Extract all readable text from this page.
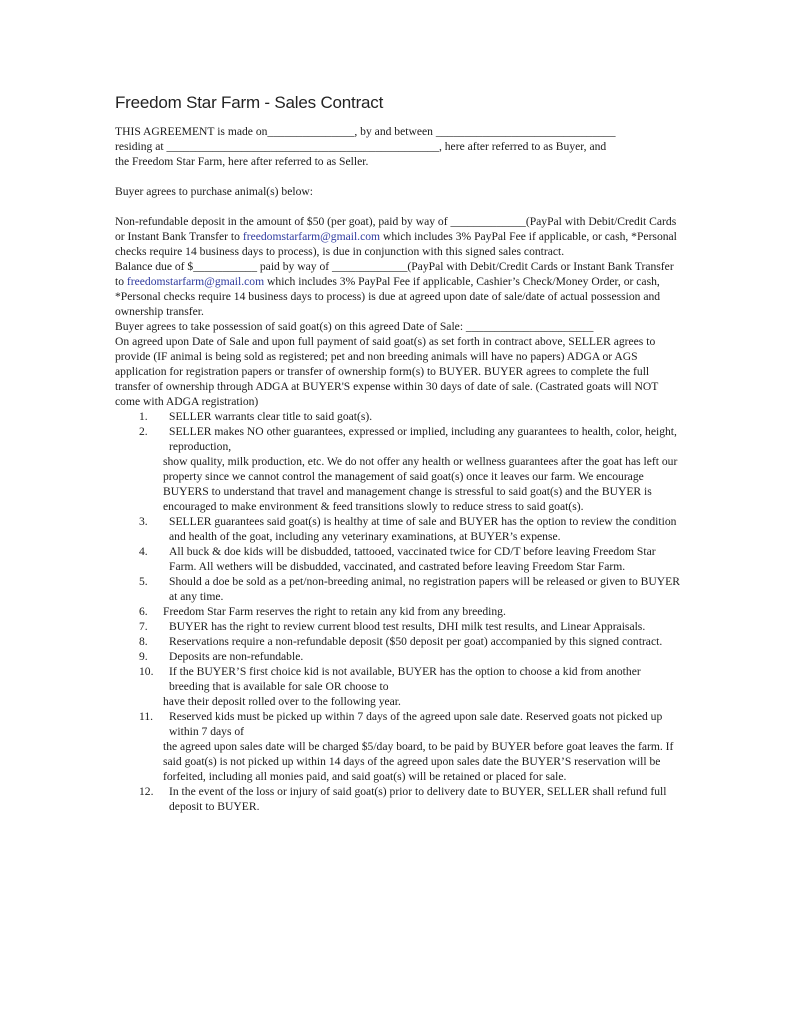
Freedom Star Farm - Sales Contract

THIS AGREEMENT is made on_______________, by and between _______________________________

residing at _______________________________________________, here after referred to as Buyer, and

the Freedom Star Farm, here after referred to as Seller.

Buyer agrees to purchase animal(s) below:

Non-refundable deposit in the amount of $50 (per goat), paid by way of _____________(PayPal with Debit/Credit Cards or Instant Bank Transfer to freedomstarfarm@gmail.com which includes 3% PayPal Fee if applicable, or cash, *Personal checks require 14 business days to process), is due in conjunction with this signed sales contract.

Balance due of $___________ paid by way of _____________(PayPal with Debit/Credit Cards or Instant Bank Transfer to freedomstarfarm@gmail.com which includes 3% PayPal Fee if applicable, Cashier’s Check/Money Order, or cash, *Personal checks require 14 business days to process) is due at agreed upon date of sale/date of actual possession and ownership transfer.

Buyer agrees to take possession of said goat(s) on this agreed Date of Sale: ______________________

On agreed upon Date of Sale and upon full payment of said goat(s) as set forth in contract above, SELLER agrees to provide (IF animal is being sold as registered; pet and non breeding animals will have no papers) ADGA or AGS application for registration papers or transfer of ownership form(s) to BUYER. BUYER agrees to complete the full transfer of ownership through ADGA at BUYER'S expense within 30 days of date of sale. (Castrated goats will NOT come with ADGA registration)

1.	SELLER warrants clear title to said goat(s).
2.	SELLER makes NO other guarantees, expressed or implied, including any guarantees to health, color, height, reproduction,
show quality, milk production, etc. We do not offer any health or wellness guarantees after the goat has left our property since we cannot control the management of said goat(s) once it leaves our farm. We encourage BUYERS to understand that travel and management change is stressful to said goat(s) and the BUYER is encouraged to make environment & feed transitions slowly to reduce stress to said goat(s).
3.	SELLER guarantees said goat(s) is healthy at time of sale and BUYER has the option to review the condition and health of the goat, including any veterinary examinations, at BUYER’s expense.
4.	All buck & doe kids will be disbudded, tattooed, vaccinated twice for CD/T before leaving Freedom Star Farm. All wethers will be disbudded, vaccinated, and castrated before leaving Freedom Star Farm.
5.	Should a doe be sold as a pet/non-breeding animal, no registration papers will be released or given to BUYER at any time.
6. Freedom Star Farm reserves the right to retain any kid from any breeding.
7.	BUYER has the right to review current blood test results, DHI milk test results, and Linear Appraisals.
8.	Reservations require a non-refundable deposit ($50 deposit per goat) accompanied by this signed contract.
9.	Deposits are non-refundable.
10.	If the BUYER’S first choice kid is not available, BUYER has the option to choose a kid from another breeding that is available for sale OR choose to
have their deposit rolled over to the following year.
11.	Reserved kids must be picked up within 7 days of the agreed upon sale date. Reserved goats not picked up within 7 days of
the agreed upon sales date will be charged $5/day board, to be paid by BUYER before goat leaves the farm. If said goat(s) is not picked up within 14 days of the agreed upon sales date the BUYER’S reservation will be forfeited, including all monies paid, and said goat(s) will be retained or placed for sale.
12.	In the event of the loss or injury of said goat(s) prior to delivery date to BUYER, SELLER shall refund full deposit to BUYER.
